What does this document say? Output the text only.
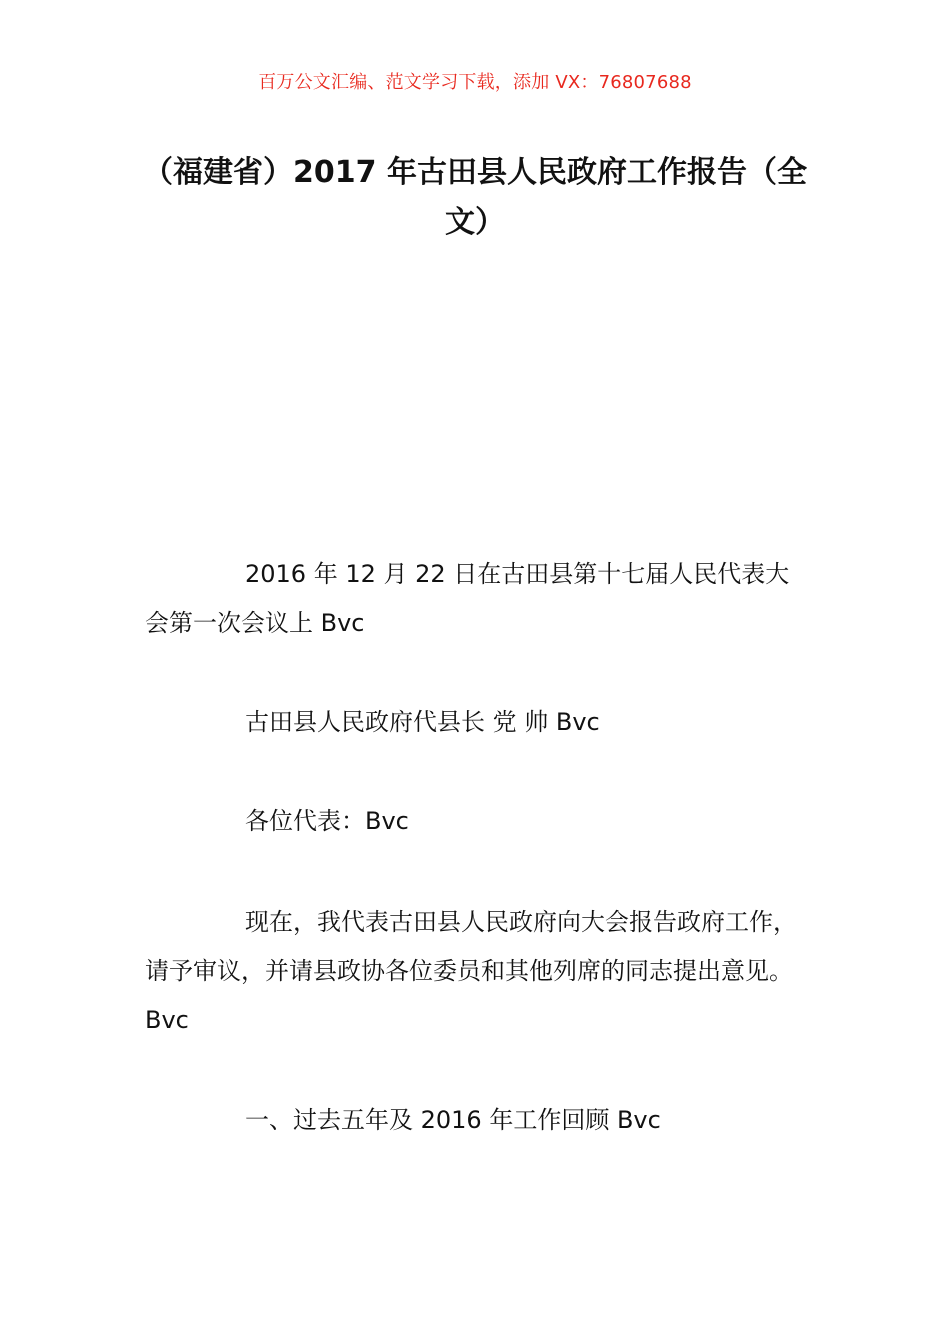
百万公文汇编、范文学习下载，添加 VX：76807688
（福建省）2017 年古田县人民政府工作报告（全文）
2016 年 12 月 22 日在古田县第十七届人民代表大会第一次会议上 Bvc
古田县人民政府代县长 党 帅 Bvc
各位代表：Bvc
现在，我代表古田县人民政府向大会报告政府工作，请予审议，并请县政协各位委员和其他列席的同志提出意见。Bvc
一、过去五年及 2016 年工作回顾 Bvc
